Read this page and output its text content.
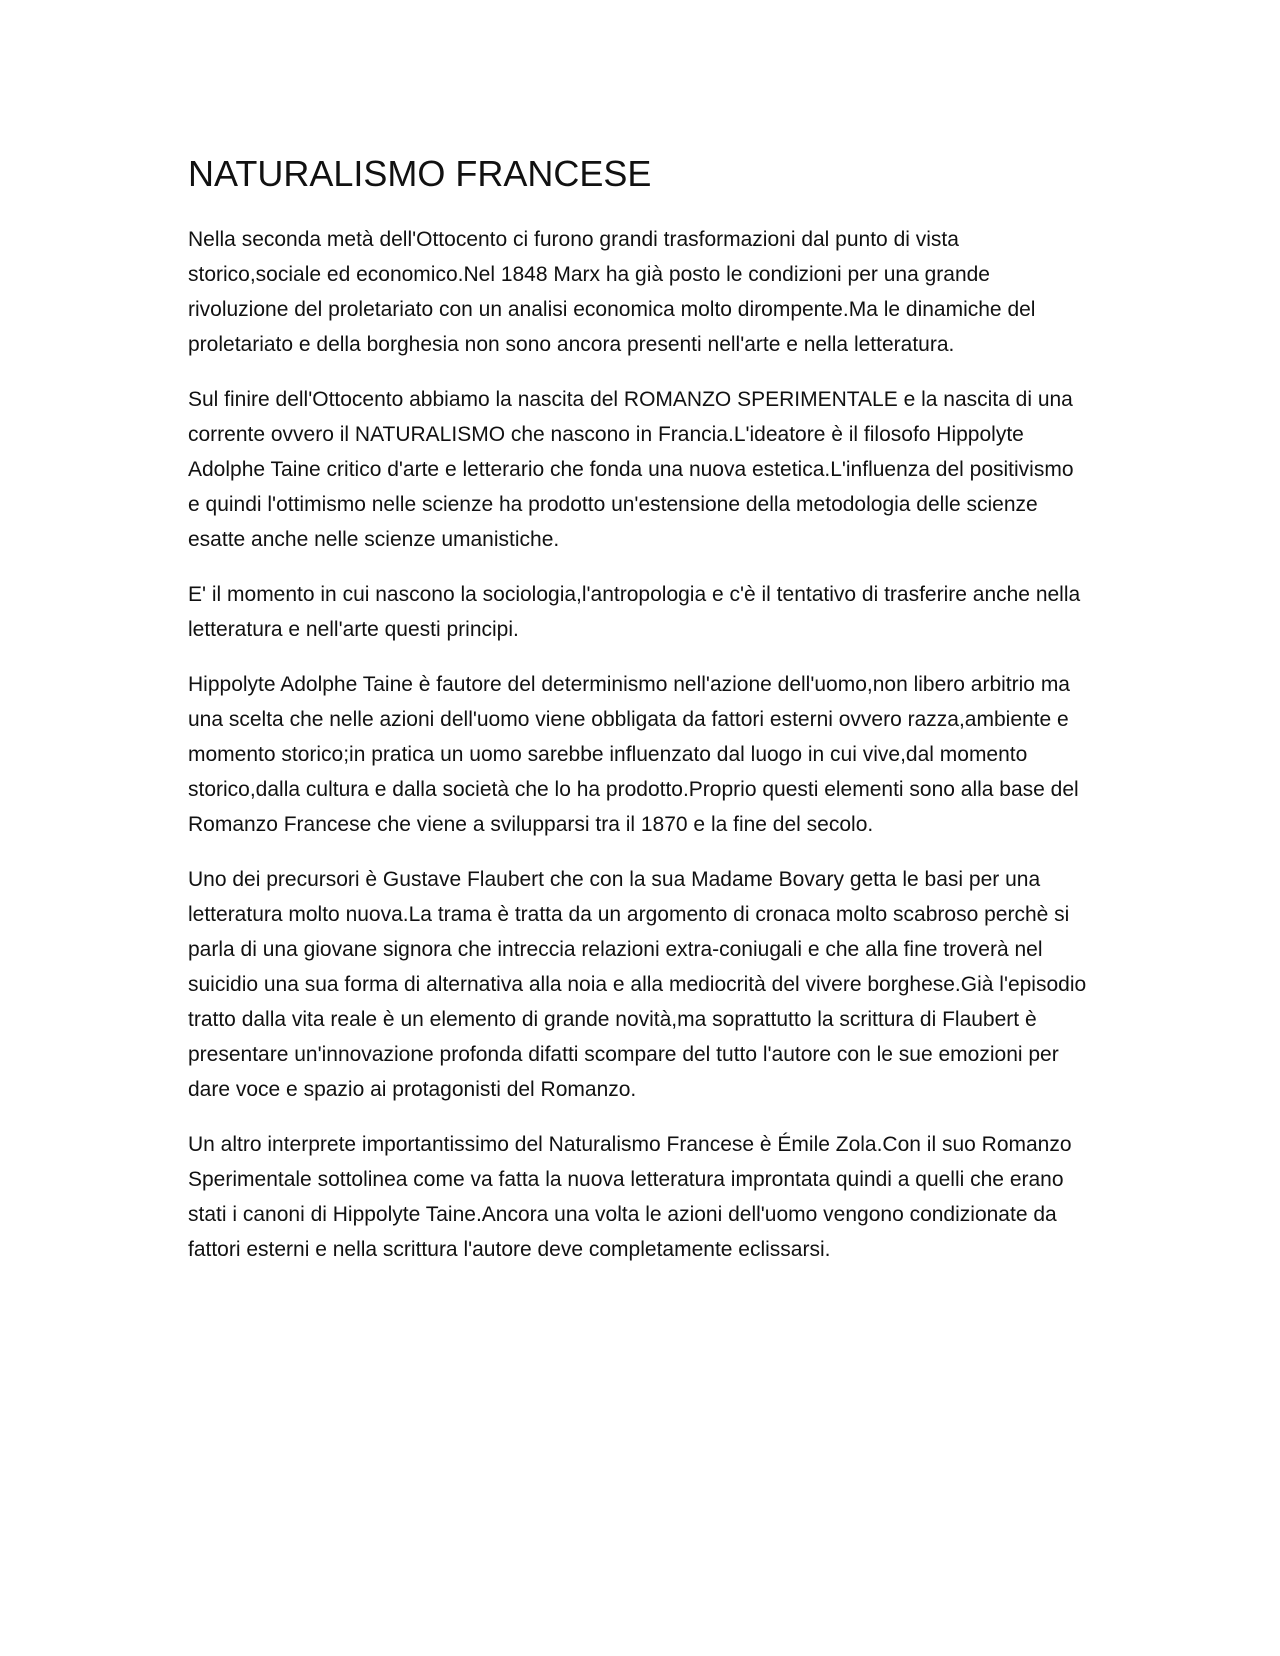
NATURALISMO FRANCESE

Nella seconda metà dell'Ottocento ci furono grandi trasformazioni dal punto di vista storico,sociale ed economico.Nel 1848 Marx ha già posto le condizioni per una grande rivoluzione del proletariato con un analisi economica molto dirompente.Ma le dinamiche del proletariato e della borghesia non sono ancora presenti nell'arte e nella letteratura.

Sul finire dell'Ottocento abbiamo la nascita del ROMANZO SPERIMENTALE e la nascita di una corrente ovvero il NATURALISMO che nascono in Francia.L'ideatore è il filosofo Hippolyte Adolphe Taine critico d'arte e letterario che fonda una nuova estetica.L'influenza del positivismo e quindi l'ottimismo nelle scienze ha prodotto un'estensione della metodologia delle scienze esatte anche nelle scienze umanistiche.

E' il momento in cui nascono la sociologia,l'antropologia e c'è il tentativo di trasferire anche nella letteratura e nell'arte questi principi.

Hippolyte Adolphe Taine è fautore del determinismo nell'azione dell'uomo,non libero arbitrio ma una scelta che nelle azioni dell'uomo viene obbligata da fattori esterni ovvero razza,ambiente e momento storico;in pratica un uomo sarebbe influenzato dal luogo in cui vive,dal momento storico,dalla cultura e dalla società che lo ha prodotto.Proprio questi elementi sono alla base del Romanzo Francese che viene a svilupparsi tra il 1870 e la fine del secolo.

Uno dei precursori è Gustave Flaubert che con la sua Madame Bovary getta le basi per una letteratura molto nuova.La trama è tratta da un argomento di cronaca molto scabroso perchè si parla di una giovane signora che intreccia relazioni extra-coniugali e che alla fine troverà nel suicidio una sua forma di alternativa alla noia e alla mediocrità del vivere borghese.Già l'episodio tratto dalla vita reale è un elemento di grande novità,ma soprattutto la scrittura di Flaubert è presentare un'innovazione profonda difatti scompare del tutto l'autore con le sue emozioni per dare voce e spazio ai protagonisti del Romanzo.

Un altro interprete importantissimo del Naturalismo Francese è Émile Zola.Con il suo Romanzo Sperimentale sottolinea come va fatta la nuova letteratura improntata quindi a quelli che erano stati i canoni di Hippolyte Taine.Ancora una volta le azioni dell'uomo vengono condizionate da fattori esterni e nella scrittura l'autore deve completamente eclissarsi.
